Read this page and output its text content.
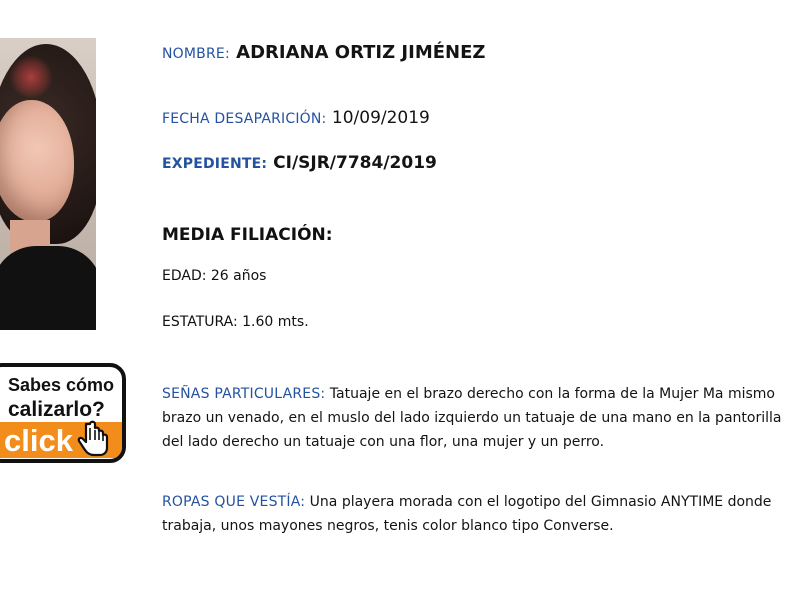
Sabes cómo
calizarlo?
click
NOMBRE: ADRIANA ORTIZ JIMÉNEZ
FECHA DESAPARICIÓN: 10/09/2019
EXPEDIENTE: CI/SJR/7784/2019
MEDIA FILIACIÓN:
EDAD: 26 años
ESTATURA: 1.60 mts.
SEÑAS PARTICULARES: Tatuaje en el brazo derecho con la forma de la Mujer Ma mismo brazo un venado, en el muslo del lado izquierdo un tatuaje de una mano en la pantorilla del lado derecho un tatuaje con una flor, una mujer y un perro.
ROPAS QUE VESTÍA: Una playera morada con el logotipo del Gimnasio ANYTIME donde trabaja, unos mayones negros, tenis color blanco tipo Converse.
